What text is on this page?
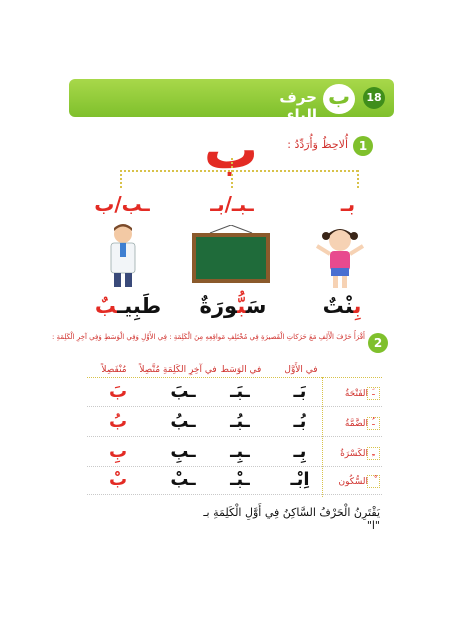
18
ب
حرف الباء
1
أُلاحِظُ وَأُرَدِّدُ :
ب
بـ
ـبـ/بـ
ـب/ب
بِنْتٌ
سَبُّورَةٌ
طَبِيـبٌ
2
أَقْرَأُ حَرْفَ الْأَلِفِ مَعَ حَرَكاتِ الْقَصيرَةِ فِي مُخْتَلِفِ مَواقِعِهِ مِنَ الْكَلِمَةِ : فِي الأَوَّلِ وَفِي الْوَسَطِ وَفِي آخِرِ الْكَلِمَةِ :
في الأَوَّل
في الوَسَط
في آخِرِ الكَلِمَةِ مُتَّصِلاً
مُنْفَصِلاً
الفَتْحَةُ ـَ
بَـ
ـبَـ
ـبَ
بَ
الضَّمَّةُ ـُ
بُـ
ـبُـ
ـبُ
بُ
الكَسْرَةُ ـِ
بِـ
ـبِـ
ـبِ
بِ
السُّكُون
اِبْـ
ـبْـ
ـبْ
بْ
يَقْتَرِنُ الْحَرْفُ السَّاكِنُ فِي أَوَّلِ الْكَلِمَةِ بـ "ا"
